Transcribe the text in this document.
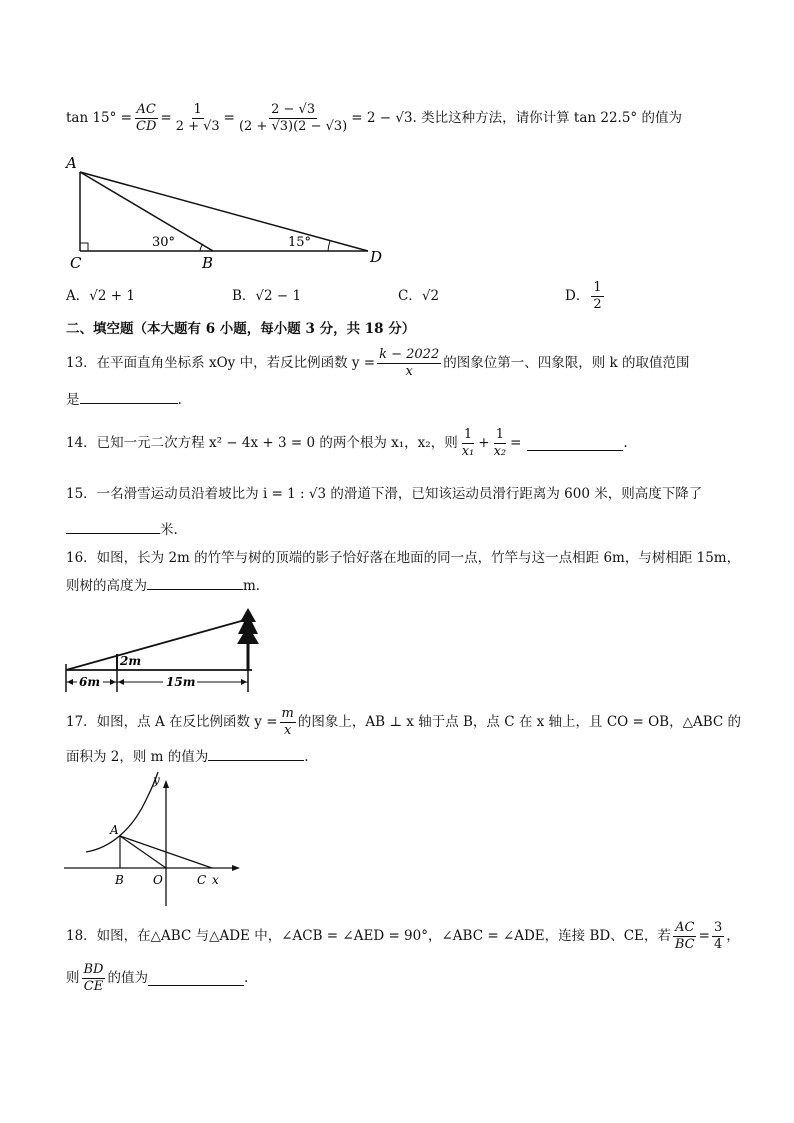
$\tan 15^\circ = \frac{AC}{CD} = \frac{1}{2 + √3} = \frac{2 - √3}{(2 + √3)(2 - √3)} = 2 - √3$ . 类比这种方法，请你计算 tan 22.5° 的值为
A
C	B	D
30°	15°
A．√2 + 1	B．√2 − 1	C．√2	D． $\frac{1}{2}$
二、填空题（本大题有 6 小题，每小题 3 分，共 18 分）
13．在平面直角坐标系 xOy 中，若反比例函数 $y = \frac{k - 2022}{x}$ 的图象位第一、四象限，则 k 的取值范围
是	.
14．已知一元二次方程 x² − 4x + 3 = 0 的两个根为 x₁，x₂，则 $\frac{1}{\text{x₁}} + \frac{1}{\text{x₂}}$ =	.
15．一名滑雪运动员沿着坡比为 i = 1 : √3 的滑道下滑，已知该运动员滑行距离为 600 米，则高度下降了
米.
16．如图，长为 2m 的竹竿与树的顶端的影子恰好落在地面的同一点，竹竿与这一点相距 6m，与树相距 15m，
则树的高度为	m.
2m
6m	15m
17．如图，点 A 在反比例函数 $y = \frac{m}{x}$ 的图象上，AB ⊥ x 轴于点 B，点 C 在 x 轴上，且 CO = OB，△ABC 的
面积为 2，则 m 的值为	.
y
A
B O	C x
18．如图，在△ABC 与△ADE 中，∠ACB = ∠AED = 90°，∠ABC = ∠ADE，连接 BD、CE，若 $\frac{AC}{BC} = \frac{3}{4}$ ，
则 $\frac{BD}{CE}$ 的值为	.
